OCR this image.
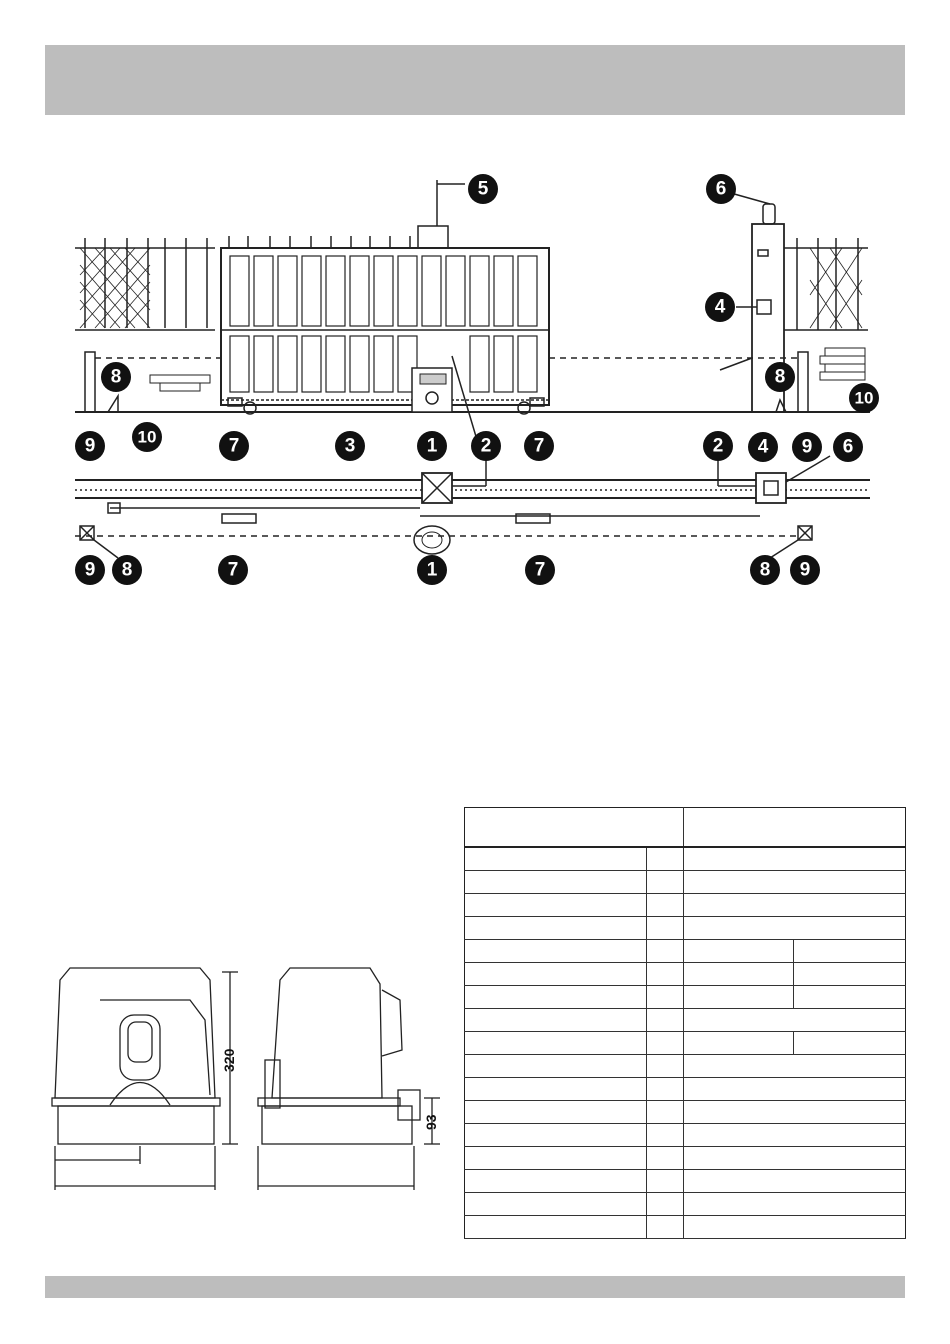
5	6
4
8	8
10
9 10	7	3	1 2 7	2 4 9 6
9 8	7	1	7	8 9
320
93
